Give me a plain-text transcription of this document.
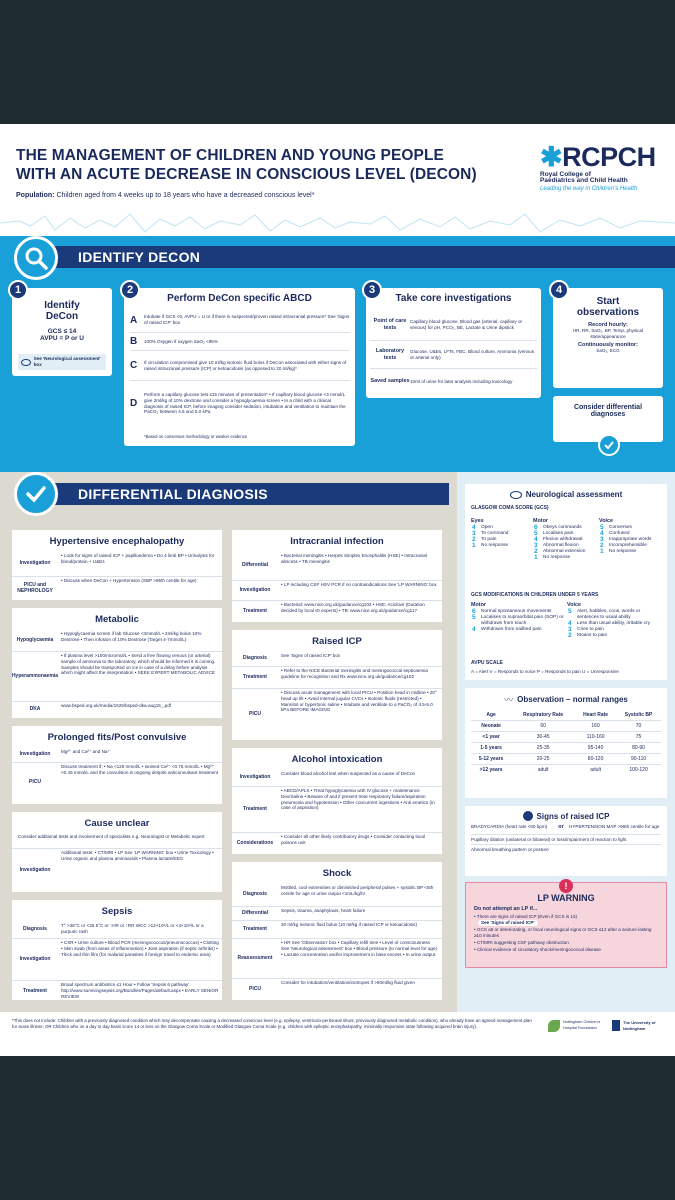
THE MANAGEMENT OF CHILDREN AND YOUNG PEOPLE
WITH AN ACUTE DECREASE IN CONSCIOUS LEVEL (DECON)
Population: Children aged from 4 weeks up to 18 years who have a decreased conscious level*
✱RCPCH
Royal College of
Paediatrics and Child Health
Leading the way in Children's Health
IDENTIFY DECON
Identify
DeCon
GCS ≤ 14
AVPU = P or U
See 'Neurological assessment' box
1
Perform DeCon specific ABCD
A	Intubate if GCS <9, AVPU = U or if there is suspected/proven raised intracranial pressure* See 'Signs of raised ICP' box
B	100% Oxygen if oxygen SaO₂ <95%
C	If circulation compromised give 10 ml/kg isotonic fluid bolus if DeCon associated with either signs of raised intracranial pressure (ICP) or ketoacidosis (as opposed to 20 ml/kg)*
D
Perform a capillary glucose test ≤15 minutes of presentation* • If capillary blood glucose <3 mmol/L give 2ml/kg of 10% dextrose and consider a hypoglycaemia screen • In a child with a clinical diagnosis of raised ICP, before imaging consider sedation, intubation and ventilation to maintain the PaCO₂ between 4.5 and 5.0 kPa
*Based on consensus methodology or weaker evidence
2
Take core investigations
Point of care tests
Capillary blood glucose, Blood gas (arterial, capillary or venous) for pH, PCO₂, BE, Lactate & Urine dipstick
Laboratory tests
Glucose, U&Es, LFTs, FBC, Blood culture, Ammonia (venous or arterial only)
Saved samples 10ml of urine for later analysis including toxicology
3
Start
observations
Record hourly:
HR, RR, SaO₂, BP, Temp, physical state/appearance
Continuously monitor:
SaO₂, ECG
4
Consider differential
diagnoses
DIFFERENTIAL DIAGNOSIS
Hypertensive encephalopathy
Investigation
• Look for signs of raised ICP + papilloedema • Do 4 limb BP • Urinalysis for blood/protein + U&Es
PICU and NEPHROLOGY
• Discuss when DeCon + Hypertension (SBP >95th centile for age)
Metabolic
Hypoglycaemia
• Hypoglycaemia screen if lab Glucose <3mmol/L • 2ml/kg bolus 10% Dextrose • Then infusion of 10% Dextrose (Target 4-7mmol/L)
Hyperammonaemia
• If plasma level >100micromol/L • Send a free flowing venous (or arterial) sample of ammonia to the laboratory, which should be informed it is coming. Samples should be transported on ice in case of a delay before analysis which might affect the interpretation • SEEK EXPERT METABOLIC ADVICE
DKA	www.bsped.org.uk/media/1629/bsped-dka-aug15_.pdf
Prolonged fits/Post convulsive
Investigation	Mg²⁺ and Ca²⁺ and Na⁺
PICU
Discuss treatment if: • Na <125 mmol/L • Ionised Ca²⁺ <0.75 mmol/L • Mg²⁺ <0.45 mmol/L and the convulsion is ongoing despite anticonvulsant treatment
Cause unclear
Consider additional tests and involvement of specialists e.g. Neurologist or Metabolic expert
Investigation
Additional tests: • CT/MRI • LP See 'LP WARNING' box • Urine Toxicology • Urine organic and plasma aminoacids • Plasma lactate/EEG
Sepsis
Diagnosis
T° >38°C or <35.5°C or ↑HR or ↑RR WCC >12×10⁹/L or <4×10⁹/L or a purpuric rash
Investigation
• CXR • Urine culture • Blood PCR (meningococcus/pneumococcus) • Clotting • Skin swab (from areas of inflammation) • Joint aspiration (if septic arthritis) • Thick and thin film (for malarial parasites if foreign travel to endemic area)
Treatment
Broad spectrum antibiotics ≤1 Hour • Follow 'Sepsis 6 pathway' http://www.survivingsepsis.org/Bundles/Pages/default.aspx • EARLY SENIOR REVIEW
Intracranial infection
Differential
• Bacterial meningitis • Herpes Simplex Encephalitis (HSE) • Intracranial abscess • TB meningitis
Investigation
• LP including CSF HSV PCR if no contraindications See 'LP WARNING' box
Treatment
• Bacterial: www.nice.org.uk/guidance/cg102 • HSE: Aciclovir (Duration decided by local ID experts) • TB: www.nice.org.uk/guidance/cg117
Raised ICP
Diagnosis	See 'Signs of raised ICP' box
Treatment
• Refer to the NICE Bacterial meningitis and meningococcal septicaemia guideline for recognition and Rx www.nice.org.uk/guidance/cg102
PICU
• Discuss acute management with local PICU • Position head in midline • 20° head up tilt • Avoid internal jugular CVCs • Isotonic fluids (restricted) • Mannitol or hypertonic saline • Intubate and ventilate to a PaCO₂ of 4.5-5.0 kPa BEFORE IMAGING
Alcohol intoxication
Investigation
Consider blood alcohol test when suspected as a cause of DeCon
Treatment
• ABCD/APLS • Treat hypoglycaemia with IV glucose + maintenance Dex/Saline • Beware of and if present treat respiratory failure/aspiration pneumonia and hypotension • Other concurrent ingestions • Anti emetics (in case of aspiration)
Considerations
• Consider all other likely contributory drugs • Consider contacting local poisons unit
Shock
Diagnosis
Mottled, cool extremities or diminished peripheral pulses + systolic BP <5th centile for age or urine output <1mL/kg/hr
Differential	Sepsis, trauma, anaphylaxis, heart failure
Treatment
20 ml/kg isotonic fluid bolus (10 ml/kg if raised ICP or ketoacidosis)
Reassessment
• HR See 'Observation' box • Capillary refill time • Level of consciousness See 'Neurological assessment' box • Blood pressure (to normal level for age) • Lactate concentration and/or improvement in base excess • In urine output
PICU
Consider for intubation/ventilation/inotropes if >60ml/kg fluid given
Neurological assessment
GLASGOW COMA SCORE (GCS)
Eyes
4	Open
3	To command
2	To pain
1	No response
Motor
6	Obeys commands
5	Localises pain
4	Flexion withdrawal
3	Abnormal flexion
2	Abnormal extension
1	No response
Voice
5	Converses
4	Confused
3	Inappropriate words
2	Incomprehensible
1	No response
GCS MODIFICATIONS IN CHILDREN UNDER 5 YEARS
Motor
6	Normal spontaneous movements
5	Localises to supraorbital pain (SOP) or withdraws from touch
4	Withdraws from nailbed pain
Voice
5	Alert, babbles, coos, words or sentences to usual ability
4	Less than usual ability, irritable cry
3	Cries to pain
2	Moans to pain
AVPU SCALE
A = Alert V = Responds to voice P = Responds to pain U = Unresponsive
〰 Observation – normal ranges
Age	Respiratory Rate	Heart Rate	Systolic BP
Neonate	60	160	70
<1 year	30-45	110-160	75
1-5 years	25-35	95-140	80-90
5-12 years	20-25	80-120	90-110
>12 years	adult	adult	100-120
Signs of raised ICP
BRADYCARDIA (heart rate <60 bpm)	or	HYPERTENSION MAP >95th centile for age
Pupillary dilation (unilateral or bilateral) or loss/impairment of reaction to light
Abnormal breathing pattern or posture
!
LP WARNING
Do not attempt an LP if...
• There are signs of raised ICP (Even if GCS is 15)
See 'Signs of raised ICP'
• GCS ≤8 or deteriorating, or focal neurological signs or GCS ≤12 after a seizure lasting ≥10 minutes
• CT/MRI suggesting CSF pathway obstruction
• Clinical evidence of circulatory shock/meningococcal disease
*This does not include: Children with a previously diagnosed condition which may decompensate causing a decreased conscious level (e.g. epilepsy, ventriculo-peritoneal shunt, previously diagnosed metabolic condition), who already have an agreed management plan for acute illness; OR Children who on a day to day basis score 14 or less on the Glasgow Coma Scale or Modified Glasgow Coma Scale (e.g. children with epileptic encephalopathy, minimally responsive state following acquired brain injury).
Nottingham Children's Hospital Foundation
The University of Nottingham
